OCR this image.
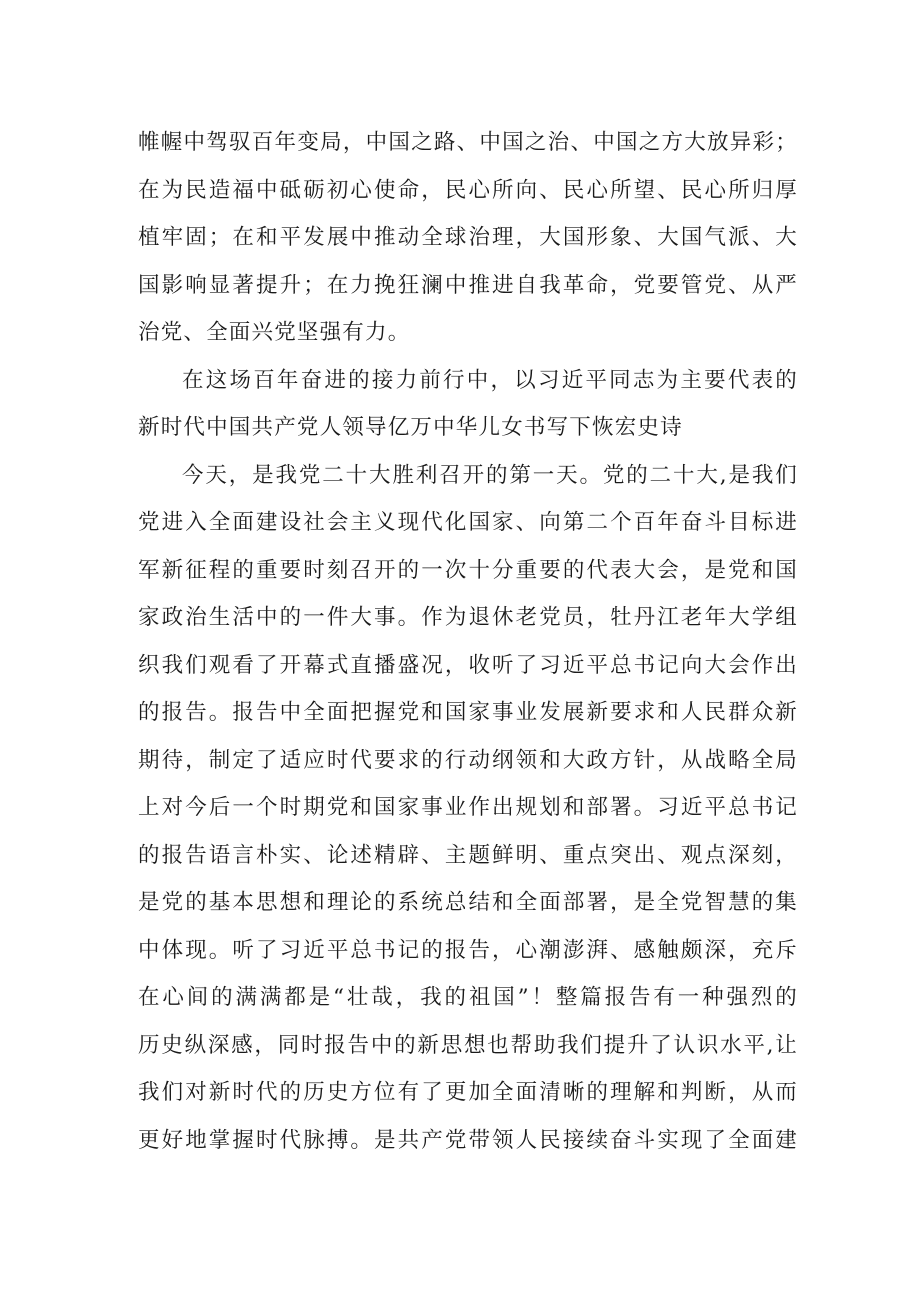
帷幄中驾驭百年变局，中国之路、中国之治、中国之方大放异彩；
在为民造福中砥砺初心使命，民心所向、民心所望、民心所归厚
植牢固；在和平发展中推动全球治理，大国形象、大国气派、大
国影响显著提升；在力挽狂澜中推进自我革命，党要管党、从严
治党、全面兴党坚强有力。
在这场百年奋进的接力前行中，以习近平同志为主要代表的
新时代中国共产党人领导亿万中华儿女书写下恢宏史诗
今天，是我党二十大胜利召开的第一天。党的二十大,是我们
党进入全面建设社会主义现代化国家、向第二个百年奋斗目标进
军新征程的重要时刻召开的一次十分重要的代表大会，是党和国
家政治生活中的一件大事。作为退休老党员，牡丹江老年大学组
织我们观看了开幕式直播盛况，收听了习近平总书记向大会作出
的报告。报告中全面把握党和国家事业发展新要求和人民群众新
期待，制定了适应时代要求的行动纲领和大政方针，从战略全局
上对今后一个时期党和国家事业作出规划和部署。习近平总书记
的报告语言朴实、论述精辟、主题鲜明、重点突出、观点深刻，
是党的基本思想和理论的系统总结和全面部署，是全党智慧的集
中体现。听了习近平总书记的报告，心潮澎湃、感触颇深，充斥
在心间的满满都是“壮哉，我的祖国”！整篇报告有一种强烈的
历史纵深感，同时报告中的新思想也帮助我们提升了认识水平,让
我们对新时代的历史方位有了更加全面清晰的理解和判断，从而
更好地掌握时代脉搏。是共产党带领人民接续奋斗实现了全面建
